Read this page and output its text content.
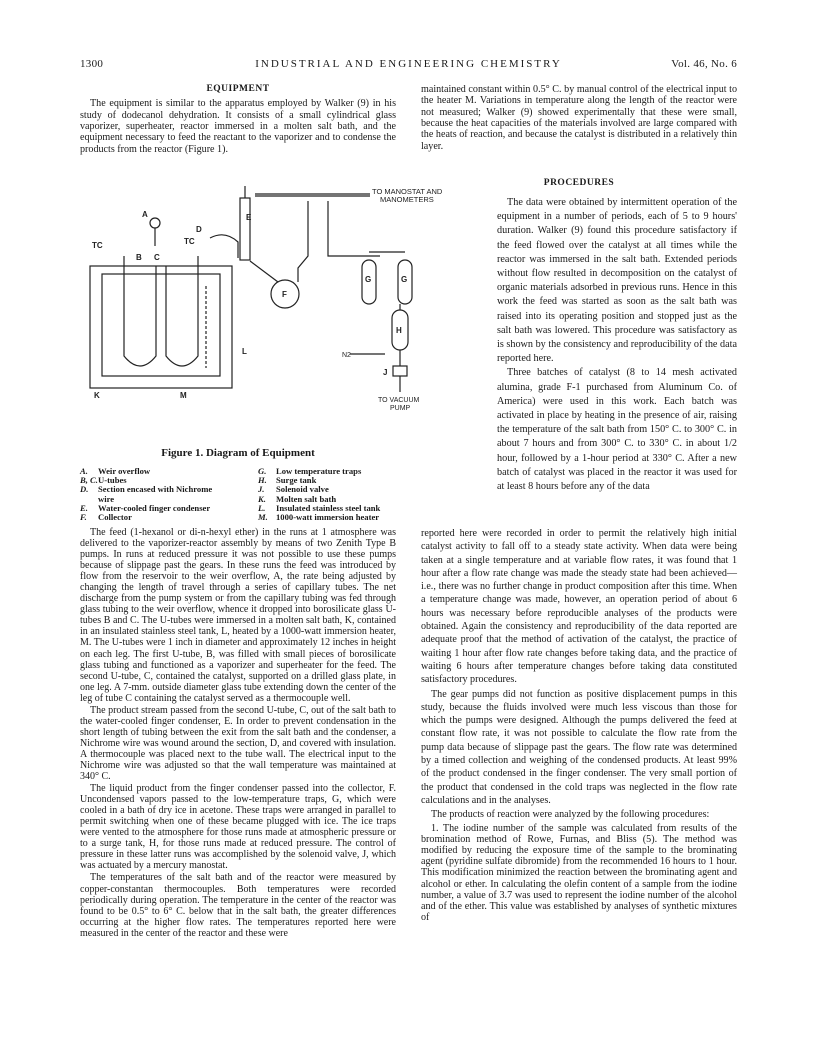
1300	INDUSTRIAL AND ENGINEERING CHEMISTRY	Vol. 46, No. 6
EQUIPMENT

The equipment is similar to the apparatus employed by Walker (9) in his study of dodecanol dehydration. It consists of a small cylindrical glass vaporizer, superheater, reactor immersed in a molten salt bath, and the equipment necessary to feed the reactant to the vaporizer and to condense the products from the reactor (Figure 1).

maintained constant within 0.5° C. by manual control of the electrical input to the heater M. Variations in temperature along the length of the reactor were not measured; Walker (9) showed experimentally that these were small, because the heat capacities of the materials involved are large compared with the heats of reaction, and because the catalyst is distributed in a relatively thin layer.

PROCEDURES
TO MANOSTAT AND
MANOMETERS
TO VACUUM
PUMP
N2
A	E
D
TC	TC
B C
F
G	G
H
J
K	M
L
Figure 1. Diagram of Equipment
A. Weir overflow
B, C.U-tubes
D. Section encased with Nichrome
wire
E. Water-cooled finger condenser
F. Collector
G. Low temperature traps
H. Surge tank
J. Solenoid valve
K. Molten salt bath
L. Insulated stainless steel tank
M. 1000-watt immersion heater

The data were obtained by intermittent operation of the equipment in a number of periods, each of 5 to 9 hours' duration. Walker (9) found this procedure satisfactory if the feed flowed over the catalyst at all times while the reactor was immersed in the salt bath. Extended periods without flow resulted in decomposition on the catalyst of organic materials adsorbed in previous runs. Hence in this work the feed was started as soon as the salt bath was raised into its operating position and stopped just as the salt bath was lowered. This procedure was satisfactory as is shown by the consistency and reproducibility of the data reported here.

Three batches of catalyst (8 to 14 mesh activated alumina, grade F-1 purchased from Aluminum Co. of America) were used in this work. Each batch was activated in place by heating in the presence of air, raising the temperature of the salt bath from 150° C. to 300° C. in about 7 hours and from 300° C. to 330° C. in about 1/2 hour, followed by a 1-hour period at 330° C. After a new batch of catalyst was placed in the reactor it was used for at least 8 hours before any of the data

The feed (1-hexanol or di-n-hexyl ether) in the runs at 1 atmosphere was delivered to the vaporizer-reactor assembly by means of two Zenith Type B pumps. In runs at reduced pressure it was not possible to use these pumps because of slippage past the gears. In these runs the feed was introduced by flow from the reservoir to the weir overflow, A, the rate being adjusted by changing the length of travel through a series of capillary tubes. The net discharge from the pump system or from the capillary tubing was fed through glass tubing to the weir overflow, whence it dropped into borosilicate glass U-tubes B and C. The U-tubes were immersed in a molten salt bath, K, contained in an insulated stainless steel tank, L, heated by a 1000-watt immersion heater, M. The U-tubes were 1 inch in diameter and approximately 12 inches in height on each leg. The first U-tube, B, was filled with small pieces of borosilicate glass tubing and functioned as a vaporizer and superheater for the feed. The second U-tube, C, contained the catalyst, supported on a drilled glass plate, in one leg. A 7-mm. outside diameter glass tube extending down the center of the leg of tube C containing the catalyst served as a thermocouple well.

The product stream passed from the second U-tube, C, out of the salt bath to the water-cooled finger condenser, E. In order to prevent condensation in the short length of tubing between the exit from the salt bath and the condenser, a Nichrome wire was wound around the section, D, and covered with insulation. A thermocouple was placed next to the tube wall. The electrical input to the Nichrome wire was adjusted so that the wall temperature was maintained at 340° C.

The liquid product from the finger condenser passed into the collector, F. Uncondensed vapors passed to the low-temperature traps, G, which were cooled in a bath of dry ice in acetone. These traps were arranged in parallel to permit switching when one of these became plugged with ice. The ice traps were vented to the atmosphere for those runs made at atmospheric pressure or to a surge tank, H, for those runs made at reduced pressure. The control of pressure in these latter runs was accomplished by the solenoid valve, J, which was actuated by a mercury manostat.

The temperatures of the salt bath and of the reactor were measured by copper-constantan thermocouples. Both temperatures were recorded periodically during operation. The temperature in the center of the reactor was found to be 0.5° to 6° C. below that in the salt bath, the greater differences occurring at the higher flow rates. The temperatures reported here were measured in the center of the reactor and these were

reported here were recorded in order to permit the relatively high initial catalyst activity to fall off to a steady state activity. When data were being taken at a single temperature and at variable flow rates, it was found that 1 hour after a flow rate change was made the steady state had been achieved—i.e., there was no further change in product composition after this time. When a temperature change was made, however, an operation period of about 6 hours was necessary before reproducible analyses of the products were obtained. Again the consistency and reproducibility of the data reported are adequate proof that the method of activation of the catalyst, the practice of waiting 1 hour after flow rate changes before taking data, and the practice of waiting 6 hours after temperature changes before taking data constituted satisfactory procedures.

The gear pumps did not function as positive displacement pumps in this study, because the fluids involved were much less viscous than those for which the pumps were designed. Although the pumps delivered the feed at constant flow rate, it was not possible to calculate the flow rate from the pump data because of slippage past the gears. The flow rate was determined by a timed collection and weighing of the condensed products. At least 99% of the product condensed in the finger condenser. The very small portion of the product that condensed in the cold traps was neglected in the flow rate calculations and in the analyses.

The products of reaction were analyzed by the following procedures:

1. The iodine number of the sample was calculated from results of the bromination method of Rowe, Furnas, and Bliss (5). The method was modified by reducing the exposure time of the sample to the brominating agent (pyridine sulfate dibromide) from the recommended 16 hours to 1 hour. This modification minimized the reaction between the brominating agent and alcohol or ether. In calculating the olefin content of a sample from the iodine number, a value of 3.7 was used to represent the iodine number of the alcohol and of the ether. This value was established by analyses of synthetic mixtures of
